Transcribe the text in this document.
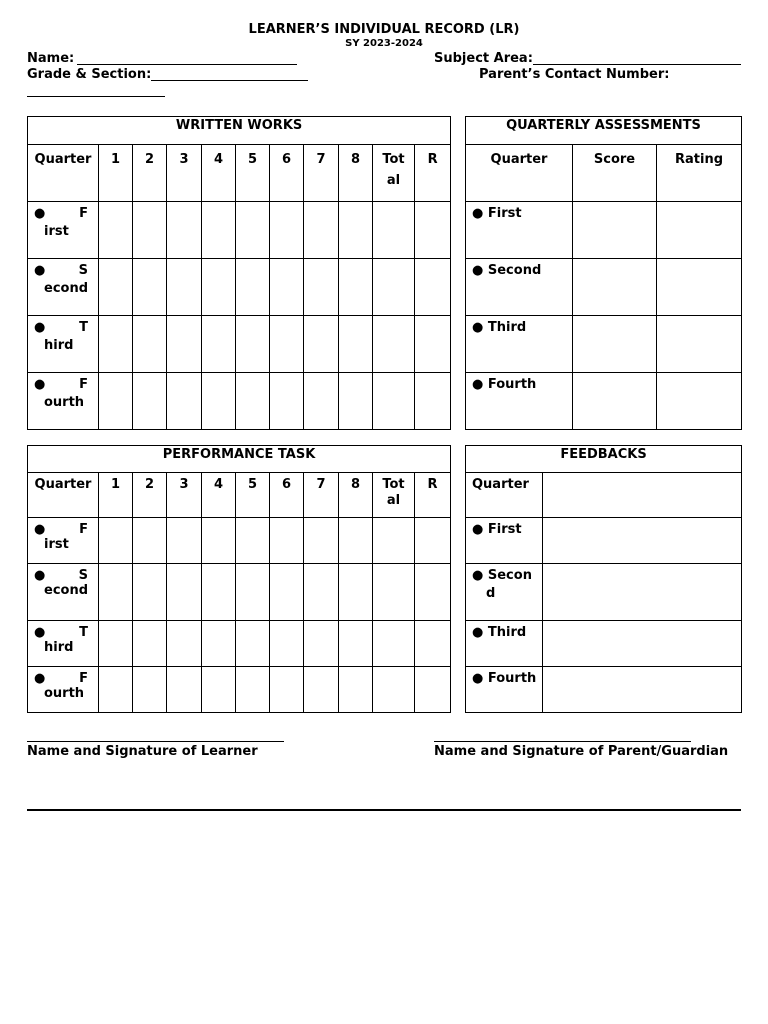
LEARNER’S INDIVIDUAL RECORD (LR)
SY 2023-2024
Name:	Subject Area:
Grade & Section:	Parent’s Contact Number:
WRITTEN WORKS										
Quarter	1	2	3	4	5	6	7	8	Tot al	R

● F
irst										

● S
econd										

● T
hird										

● F
ourth										

QUARTERLY ASSESSMENTS		
Quarter	Score	Rating
● First		
● Second		
● Third		
● Fourth		
PERFORMANCE TASK										
Quarter	1	2	3	4	5	6	7	8	Tot al	R

● F
irst										

● S
econd										

● T
hird										

● F
ourth										

FEEDBACKS	
Quarter	
● First	

● Secon
d	

● Third	
● Fourth	
Name and Signature of Learner	Name and Signature of Parent/Guardian
